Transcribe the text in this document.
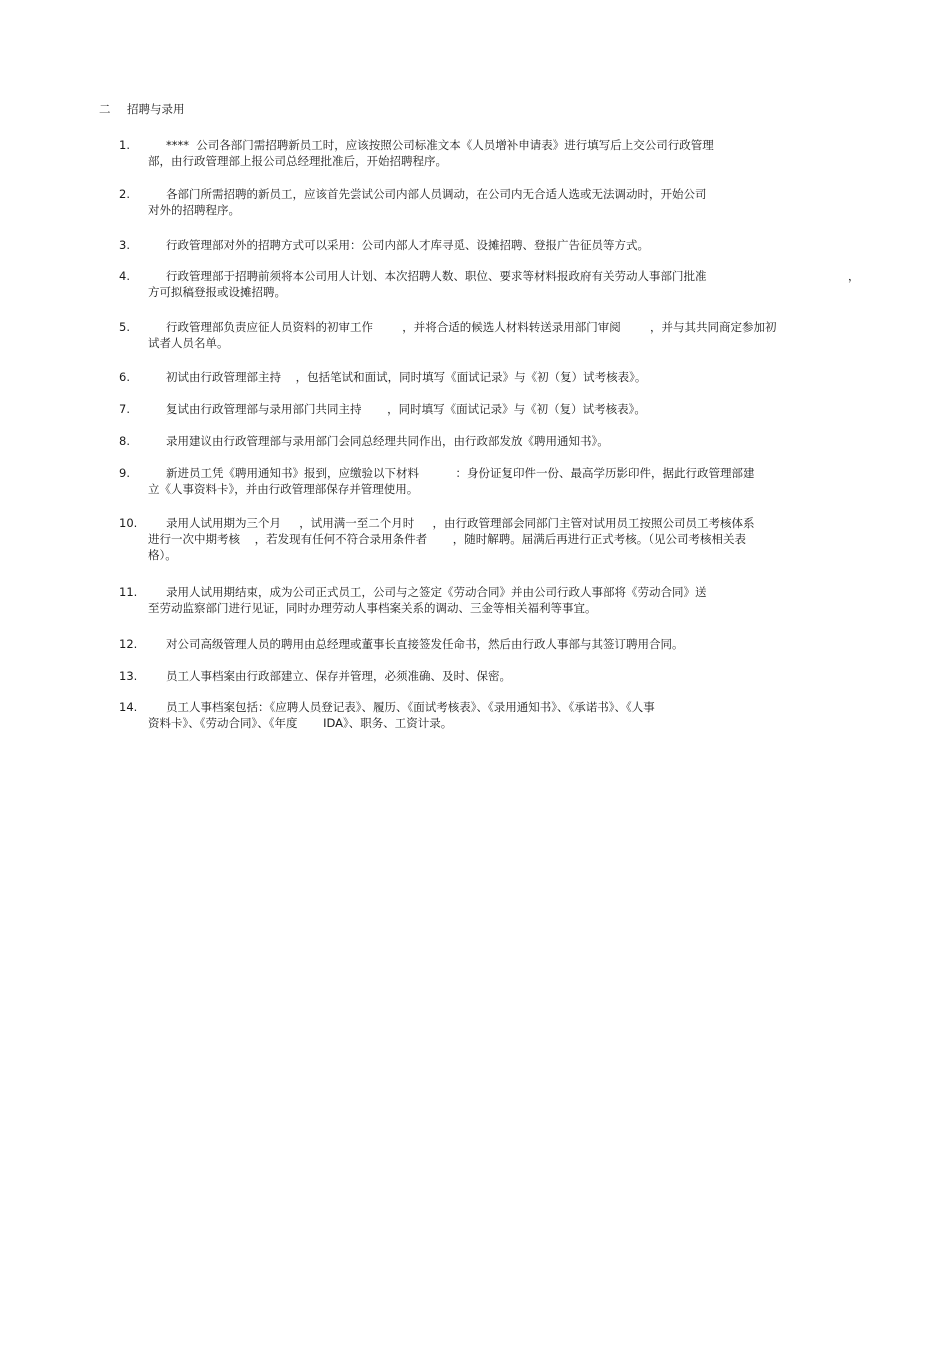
二 招聘与录用
1.	****  公司各部门需招聘新员工时，应该按照公司标准文本《人员增补申请表》进行填写后上交公司行政管理
部，由行政管理部上报公司总经理批准后，开始招聘程序。
2.	各部门所需招聘的新员工，应该首先尝试公司内部人员调动，在公司内无合适人选或无法调动时，开始公司
对外的招聘程序。
3.	行政管理部对外的招聘方式可以采用：公司内部人才库寻觅、设摊招聘、登报广告征员等方式。
4.	行政管理部于招聘前须将本公司用人计划、本次招聘人数、职位、要求等材料报政府有关劳动人事部门批准
方可拟稿登报或设摊招聘。
，
5.	行政管理部负责应征人员资料的初审工作        ，并将合适的候选人材料转送录用部门审阅        ，并与其共同商定参加初
试者人员名单。
6.	初试由行政管理部主持    ，包括笔试和面试，同时填写《面试记录》与《初（复）试考核表》。
7.	复试由行政管理部与录用部门共同主持       ，同时填写《面试记录》与《初（复）试考核表》。
8.	录用建议由行政管理部与录用部门会同总经理共同作出，由行政部发放《聘用通知书》。
9.	新进员工凭《聘用通知书》报到，应缴验以下材料          ：身份证复印件一份、最高学历影印件，据此行政管理部建
立《人事资料卡》，并由行政管理部保存并管理使用。
10. 录用人试用期为三个月     ，试用满一至二个月时     ，由行政管理部会同部门主管对试用员工按照公司员工考核体系
进行一次中期考核    ，若发现有任何不符合录用条件者       ，随时解聘。届满后再进行正式考核。（见公司考核相关表
格）。
11. 录用人试用期结束，成为公司正式员工，公司与之签定《劳动合同》并由公司行政人事部将《劳动合同》送
至劳动监察部门进行见证，同时办理劳动人事档案关系的调动、三金等相关福利等事宜。
12. 对公司高级管理人员的聘用由总经理或董事长直接签发任命书，然后由行政人事部与其签订聘用合同。
13. 员工人事档案由行政部建立、保存并管理，必须准确、及时、保密。
14. 员工人事档案包括：《应聘人员登记表》、履历、《面试考核表》、《录用通知书》、《承诺书》、《人事
资料卡》、《劳动合同》、《年度       IDA》、职务、工资计录。
